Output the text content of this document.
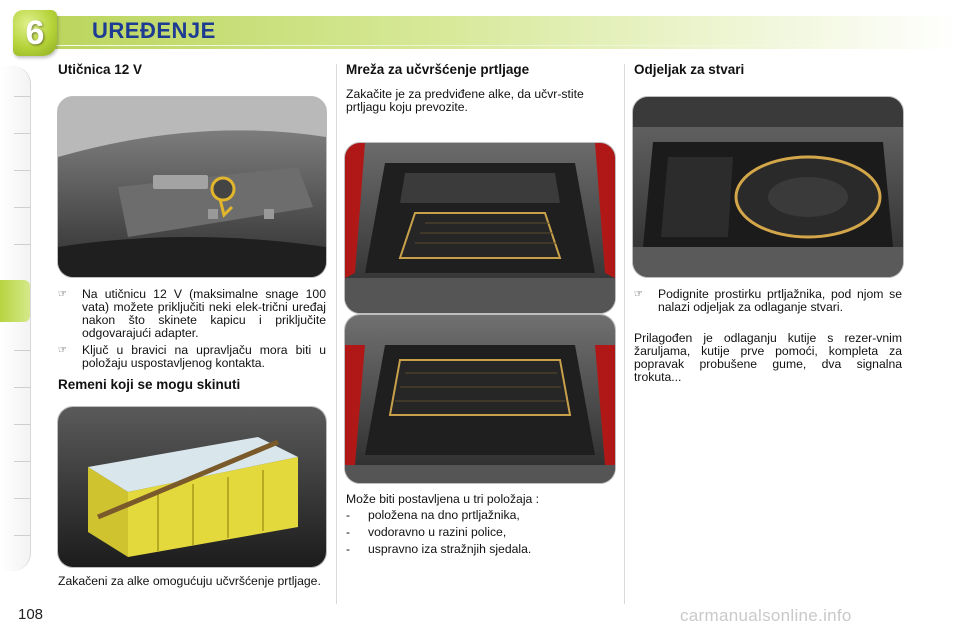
6 UREĐENJE
Utičnica 12 V
☞	Na utičnicu 12 V (maksimalne snage 100 vata) možete priključiti neki elek-trični uređaj nakon što skinete kapicu i priključite odgovarajući adapter.
☞	Ključ u bravici na upravljaču mora biti u položaju uspostavljenog kontakta.
Remeni koji se mogu skinuti
Zakačeni za alke omogućuju učvršćenje prtljage.
Mreža za učvršćenje prtljage
Zakačite je za predviđene alke, da učvr-stite prtljagu koju prevozite.
Može biti postavljena u tri položaja :
-	položena na dno prtljažnika,
-	vodoravno u razini police,
-	uspravno iza stražnjih sjedala.
Odjeljak za stvari
☞	Podignite prostirku prtljažnika, pod njom se nalazi odjeljak za odlaganje stvari.
Prilagođen je odlaganju kutije s rezer-vnim žaruljama, kutije prve pomoći, kompleta za popravak probušene gume, dva signalna trokuta...
108	carmanualsonline.info
